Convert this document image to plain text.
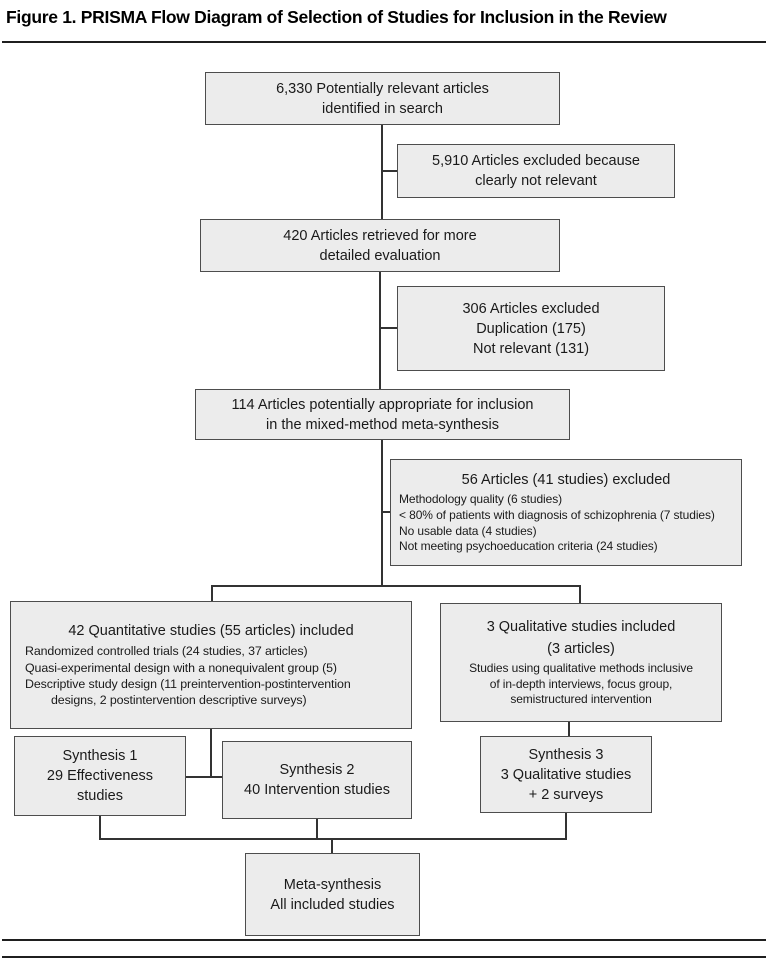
Figure 1. PRISMA Flow Diagram of Selection of Studies for Inclusion in the Review
6,330 Potentially relevant articles
identified in search
5,910 Articles excluded because
clearly not relevant
420 Articles retrieved for more
detailed evaluation
306 Articles excluded
Duplication (175)
Not relevant (131)
114 Articles potentially appropriate for inclusion
in the mixed-method meta-synthesis
56 Articles (41 studies) excluded
Methodology quality (6 studies)
< 80% of patients with diagnosis of schizophrenia (7 studies)
No usable data (4 studies)
Not meeting psychoeducation criteria (24 studies)
42 Quantitative studies (55 articles) included
Randomized controlled trials (24 studies, 37 articles)
Quasi-experimental design with a nonequivalent group (5)
Descriptive study design (11 preintervention-postintervention designs, 2 postintervention descriptive surveys)
3 Qualitative studies included
(3 articles)
Studies using qualitative methods inclusive
of in-depth interviews, focus group,
semistructured intervention
Synthesis 1
29 Effectiveness
studies
Synthesis 2
40 Intervention studies
Synthesis 3
3 Qualitative studies
+ 2 surveys
Meta-synthesis
All included studies
